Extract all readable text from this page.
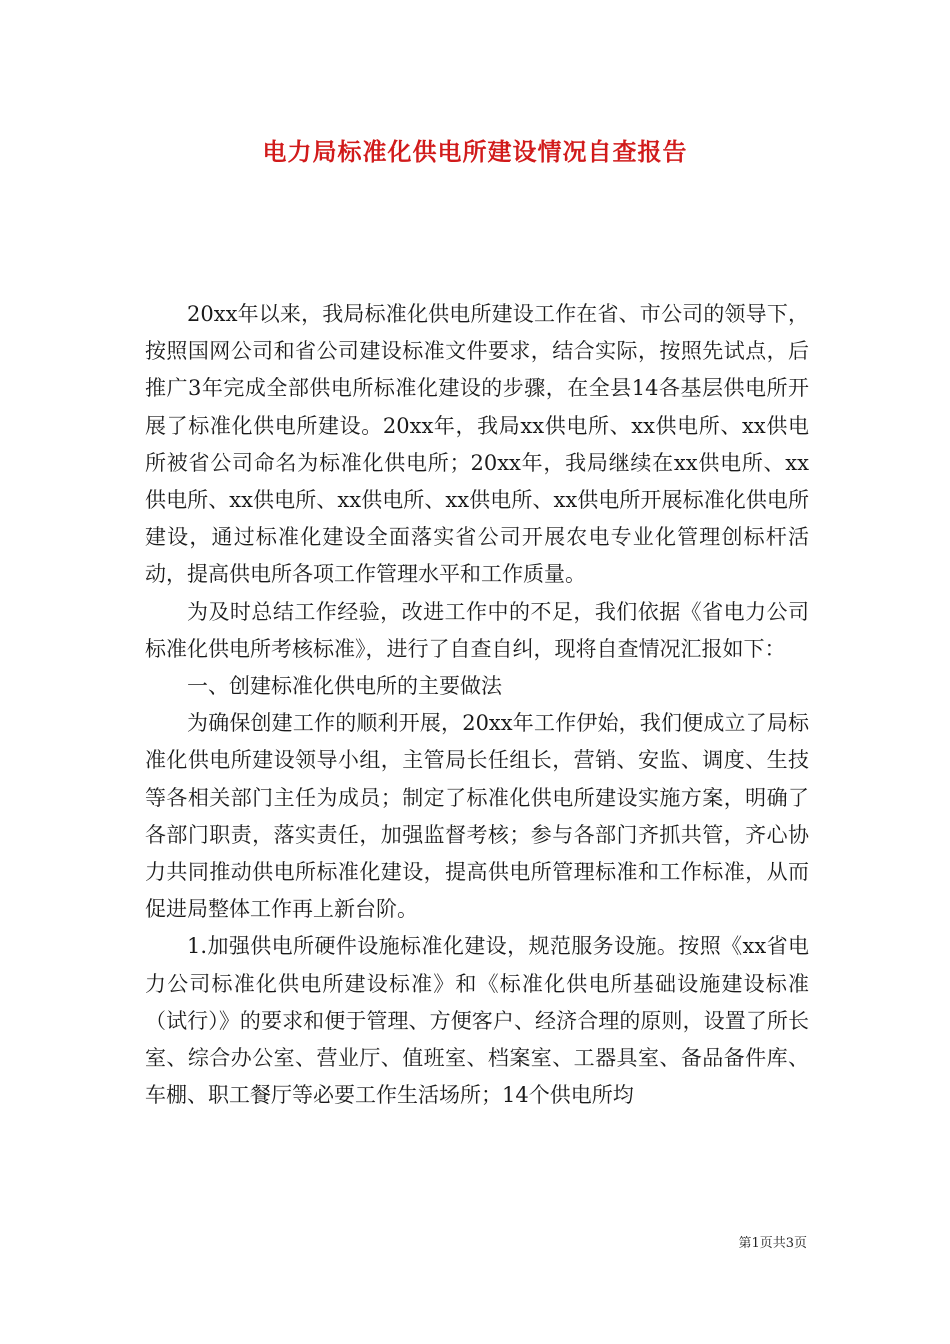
电力局标准化供电所建设情况自查报告

20xx年以来，我局标准化供电所建设工作在省、市公司的领导下，按照国网公司和省公司建设标准文件要求，结合实际，按照先试点，后推广3年完成全部供电所标准化建设的步骤，在全县14各基层供电所开展了标准化供电所建设。20xx年，我局xx供电所、xx供电所、xx供电所被省公司命名为标准化供电所；20xx年，我局继续在xx供电所、xx供电所、xx供电所、xx供电所、xx供电所、xx供电所开展标准化供电所建设，通过标准化建设全面落实省公司开展农电专业化管理创标杆活动，提高供电所各项工作管理水平和工作质量。

为及时总结工作经验，改进工作中的不足，我们依据《省电力公司标准化供电所考核标准》，进行了自查自纠，现将自查情况汇报如下：

一、创建标准化供电所的主要做法

为确保创建工作的顺利开展，20xx年工作伊始，我们便成立了局标准化供电所建设领导小组，主管局长任组长，营销、安监、调度、生技等各相关部门主任为成员；制定了标准化供电所建设实施方案，明确了各部门职责，落实责任，加强监督考核；参与各部门齐抓共管，齐心协力共同推动供电所标准化建设，提高供电所管理标准和工作标准，从而促进局整体工作再上新台阶。

1.加强供电所硬件设施标准化建设，规范服务设施。按照《xx省电力公司标准化供电所建设标准》和《标准化供电所基础设施建设标准（试行）》的要求和便于管理、方便客户、经济合理的原则，设置了所长室、综合办公室、营业厅、值班室、档案室、工器具室、备品备件库、车棚、职工餐厅等必要工作生活场所；14个供电所均

第1页共3页
